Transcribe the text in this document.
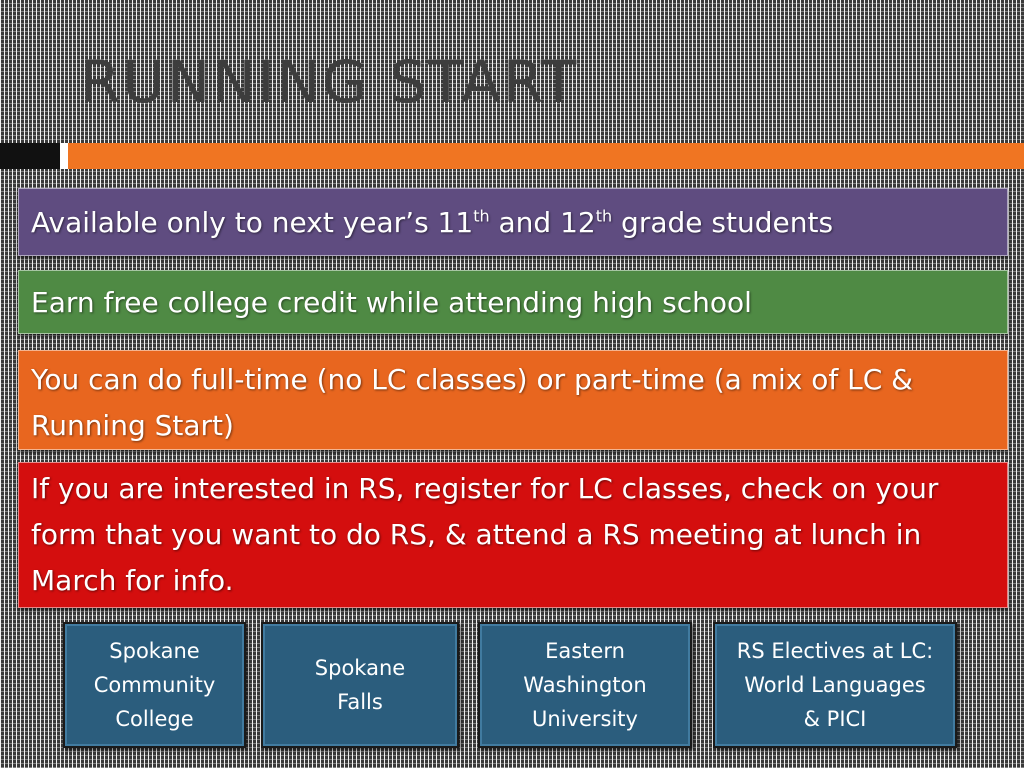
RUNNING START
Available only to next year’s 11th and 12th grade students
Earn free college credit while attending high school
You can do full-time (no LC classes) or part-time (a mix of LC & Running Start)
If you are interested in RS, register for LC classes, check on your form that you want to do RS, & attend a RS meeting at lunch in March for info.
Spokane
Community
College
Spokane
Falls
Eastern
Washington
University
RS Electives at LC:
World Languages
& PICI
